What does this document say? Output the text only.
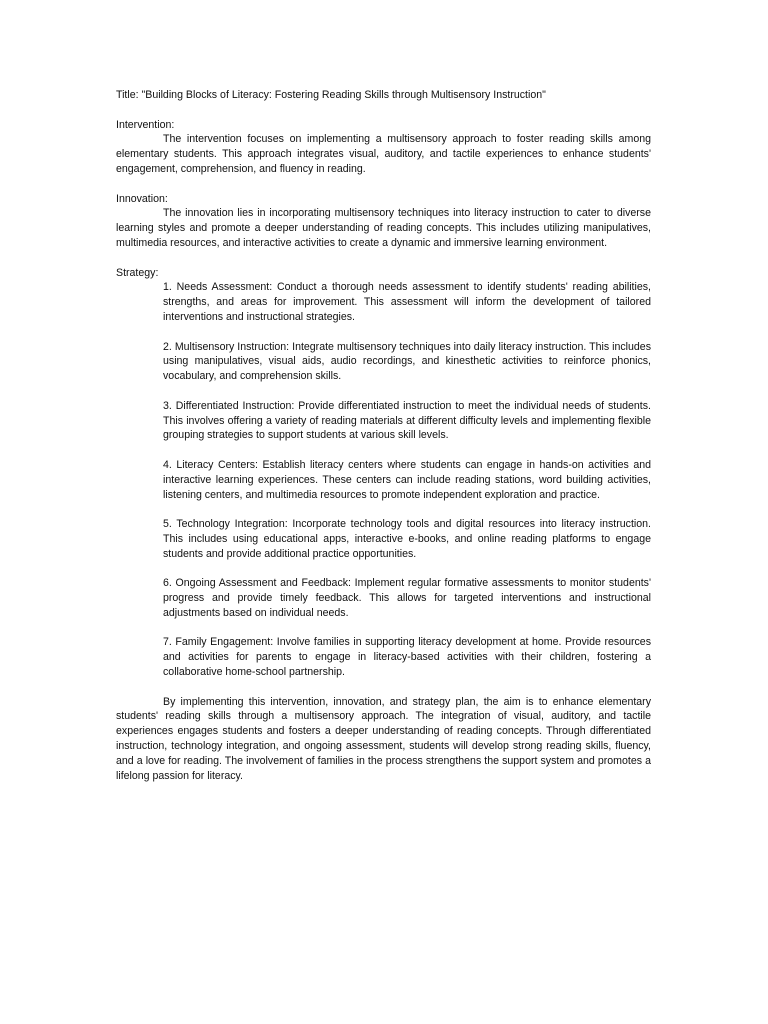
Title: "Building Blocks of Literacy: Fostering Reading Skills through Multisensory Instruction"

Intervention:

The intervention focuses on implementing a multisensory approach to foster reading skills among elementary students. This approach integrates visual, auditory, and tactile experiences to enhance students' engagement, comprehension, and fluency in reading.

Innovation:

The innovation lies in incorporating multisensory techniques into literacy instruction to cater to diverse learning styles and promote a deeper understanding of reading concepts. This includes utilizing manipulatives, multimedia resources, and interactive activities to create a dynamic and immersive learning environment.

Strategy:

1. Needs Assessment: Conduct a thorough needs assessment to identify students' reading abilities, strengths, and areas for improvement. This assessment will inform the development of tailored interventions and instructional strategies.
2. Multisensory Instruction: Integrate multisensory techniques into daily literacy instruction. This includes using manipulatives, visual aids, audio recordings, and kinesthetic activities to reinforce phonics, vocabulary, and comprehension skills.
3. Differentiated Instruction: Provide differentiated instruction to meet the individual needs of students. This involves offering a variety of reading materials at different difficulty levels and implementing flexible grouping strategies to support students at various skill levels.
4. Literacy Centers: Establish literacy centers where students can engage in hands-on activities and interactive learning experiences. These centers can include reading stations, word building activities, listening centers, and multimedia resources to promote independent exploration and practice.
5. Technology Integration: Incorporate technology tools and digital resources into literacy instruction. This includes using educational apps, interactive e-books, and online reading platforms to engage students and provide additional practice opportunities.
6. Ongoing Assessment and Feedback: Implement regular formative assessments to monitor students' progress and provide timely feedback. This allows for targeted interventions and instructional adjustments based on individual needs.
7. Family Engagement: Involve families in supporting literacy development at home. Provide resources and activities for parents to engage in literacy-based activities with their children, fostering a collaborative home-school partnership.

By implementing this intervention, innovation, and strategy plan, the aim is to enhance elementary students' reading skills through a multisensory approach. The integration of visual, auditory, and tactile experiences engages students and fosters a deeper understanding of reading concepts. Through differentiated instruction, technology integration, and ongoing assessment, students will develop strong reading skills, fluency, and a love for reading. The involvement of families in the process strengthens the support system and promotes a lifelong passion for literacy.
